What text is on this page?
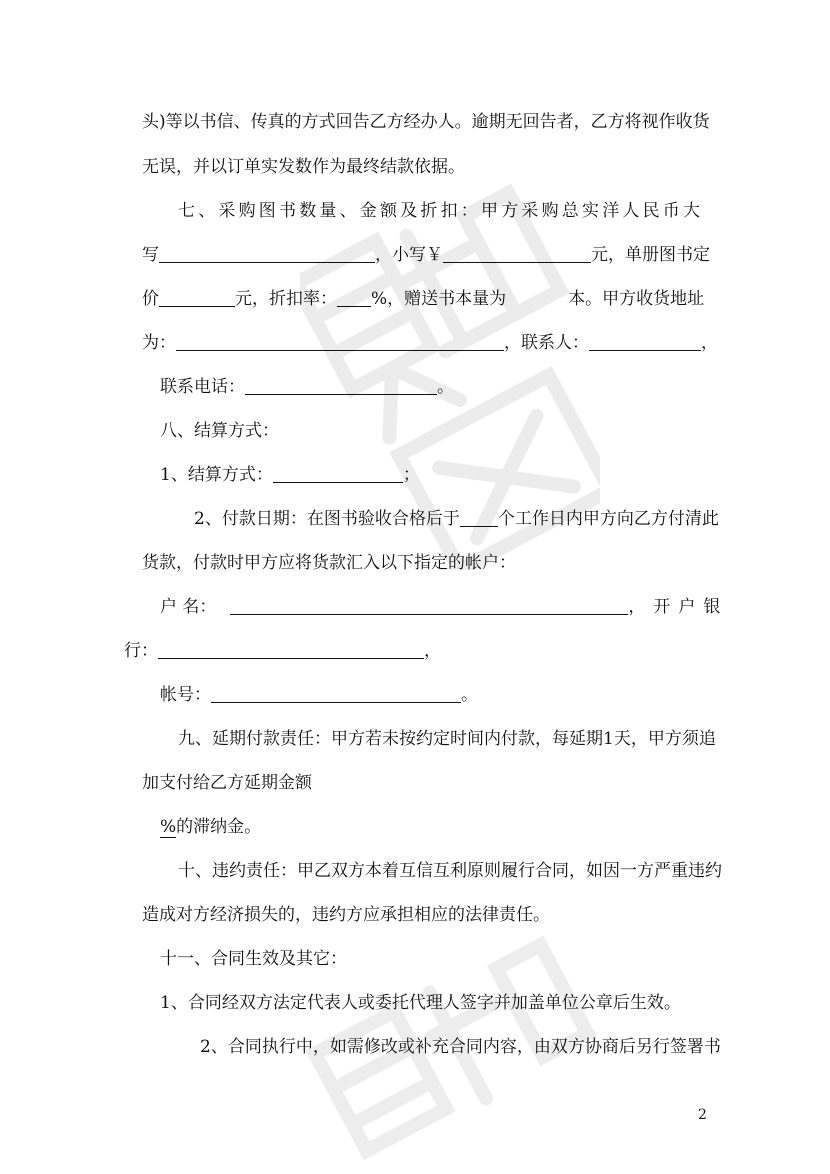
头)等以书信、传真的方式回告乙方经办人。逾期无回告者，乙方将视作收货
无误，并以订单实发数作为最终结款依据。
七、采购图书数量、金额及折扣：甲方采购总实洋人民币大
写	，小写￥	元，单册图书定
价	元，折扣率： %，赠送书本量为	本。甲方收货地址
为：	，联系人：	，
联系电话：	。
八、结算方式：
1、结算方式：	；
2、付款日期：在图书验收合格后于 个工作日内甲方向乙方付清此
货款，付款时甲方应将货款汇入以下指定的帐户：
户 名：	，开户银
行：	，
帐号：	。
九、延期付款责任：甲方若未按约定时间内付款，每延期1天，甲方须追
加支付给乙方延期金额
%的滞纳金。
十、违约责任：甲乙双方本着互信互利原则履行合同，如因一方严重违约
造成对方经济损失的，违约方应承担相应的法律责任。
十一、合同生效及其它：
1、合同经双方法定代表人或委托代理人签字并加盖单位公章后生效。
2、合同执行中，如需修改或补充合同内容，由双方协商后另行签署书
2
